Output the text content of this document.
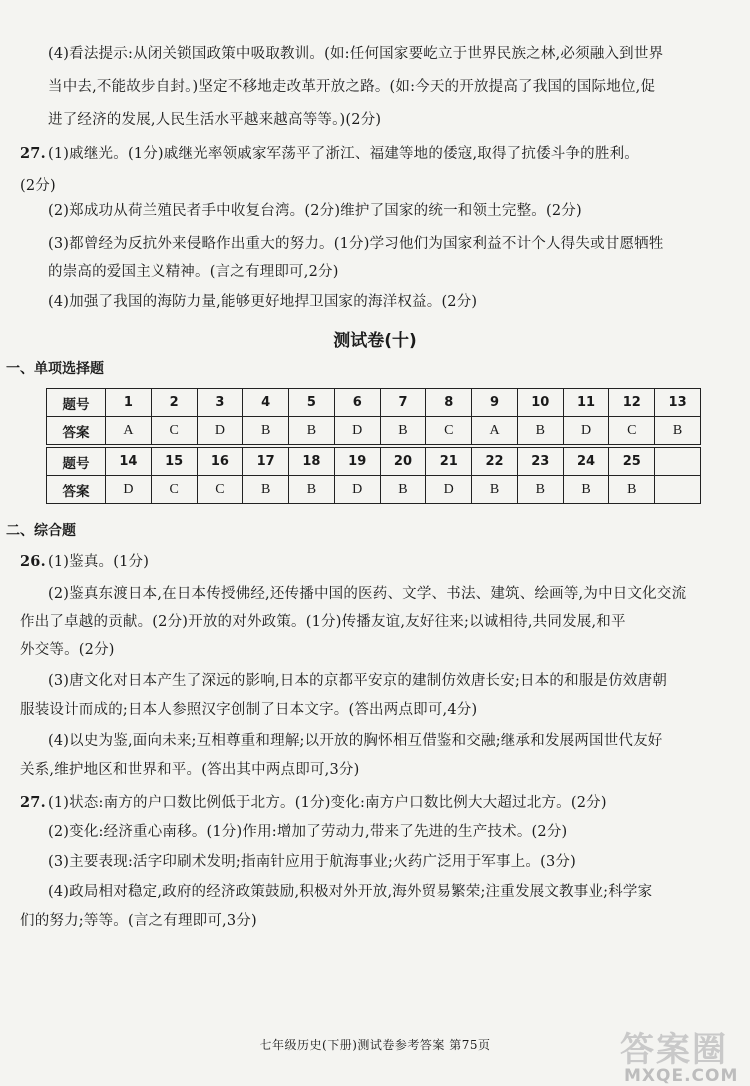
(4)看法提示:从闭关锁国政策中吸取教训。(如:任何国家要屹立于世界民族之林,必须融入到世界
当中去,不能故步自封。)坚定不移地走改革开放之路。(如:今天的开放提高了我国的国际地位,促
进了经济的发展,人民生活水平越来越高等等。)(2分)
27. (1)戚继光。(1分)戚继光率领戚家军荡平了浙江、福建等地的倭寇,取得了抗倭斗争的胜利。
(2分)
(2)郑成功从荷兰殖民者手中收复台湾。(2分)维护了国家的统一和领土完整。(2分)
(3)都曾经为反抗外来侵略作出重大的努力。(1分)学习他们为国家利益不计个人得失或甘愿牺牲
的崇高的爱国主义精神。(言之有理即可,2分)
(4)加强了我国的海防力量,能够更好地捍卫国家的海洋权益。(2分)
测试卷(十)
一、单项选择题
题号	1	2	3	4	5	6	7	8	9	10	11	12	13
答案	A	C	D	B	B	D	B	C	A	B	D	C	B
题号	14	15	16	17	18	19	20	21	22	23	24	25	
答案	D	C	C	B	B	D	B	D	B	B	B	B	
二、综合题
26. (1)鉴真。(1分)
(2)鉴真东渡日本,在日本传授佛经,还传播中国的医药、文学、书法、建筑、绘画等,为中日文化交流
作出了卓越的贡献。(2分)开放的对外政策。(1分)传播友谊,友好往来;以诚相待,共同发展,和平
外交等。(2分)
(3)唐文化对日本产生了深远的影响,日本的京都平安京的建制仿效唐长安;日本的和服是仿效唐朝
服装设计而成的;日本人参照汉字创制了日本文字。(答出两点即可,4分)
(4)以史为鉴,面向未来;互相尊重和理解;以开放的胸怀相互借鉴和交融;继承和发展两国世代友好
关系,维护地区和世界和平。(答出其中两点即可,3分)
27. (1)状态:南方的户口数比例低于北方。(1分)变化:南方户口数比例大大超过北方。(2分)
(2)变化:经济重心南移。(1分)作用:增加了劳动力,带来了先进的生产技术。(2分)
(3)主要表现:活字印刷术发明;指南针应用于航海事业;火药广泛用于军事上。(3分)
(4)政局相对稳定,政府的经济政策鼓励,积极对外开放,海外贸易繁荣;注重发展文教事业;科学家
们的努力;等等。(言之有理即可,3分)
七年级历史(下册)测试卷参考答案 第75页	答案圈
MXQE.COM
